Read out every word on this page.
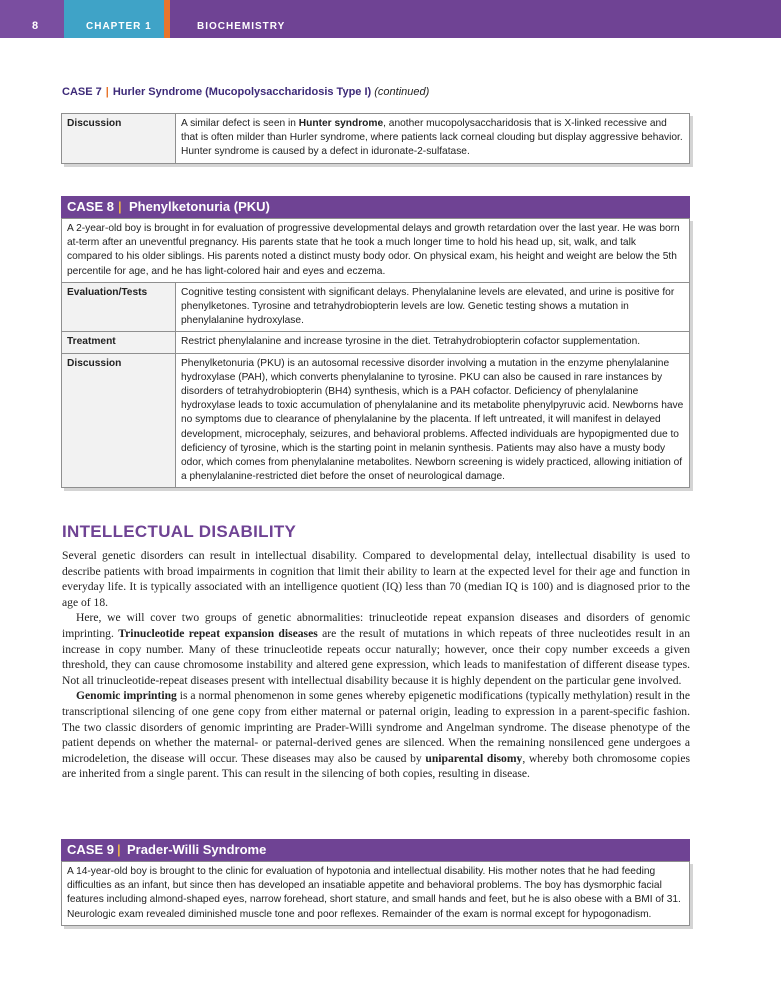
8	CHAPTER 1	BIOCHEMISTRY
CASE 7 | Hurler Syndrome (Mucopolysaccharidosis Type I) (continued)
Discussion	A similar defect is seen in Hunter syndrome, another mucopolysaccharidosis that is X-linked recessive and that is often milder than Hurler syndrome, where patients lack corneal clouding but display aggressive behavior. Hunter syndrome is caused by a defect in iduronate-2-sulfatase.
CASE 8 | Phenylketonuria (PKU)
A 2-year-old boy is brought in for evaluation of progressive developmental delays and growth retardation over the last year. He was born at-term after an uneventful pregnancy. His parents state that he took a much longer time to hold his head up, sit, walk, and talk compared to his older siblings. His parents noted a distinct musty body odor. On physical exam, his height and weight are below the 5th percentile for age, and he has light-colored hair and eyes and eczema.	
Evaluation/Tests	Cognitive testing consistent with significant delays. Phenylalanine levels are elevated, and urine is positive for phenylketones. Tyrosine and tetrahydrobiopterin levels are low. Genetic testing shows a mutation in phenylalanine hydroxylase.
Treatment	Restrict phenylalanine and increase tyrosine in the diet. Tetrahydrobiopterin cofactor supplementation.
Discussion	Phenylketonuria (PKU) is an autosomal recessive disorder involving a mutation in the enzyme phenylalanine hydroxylase (PAH), which converts phenylalanine to tyrosine. PKU can also be caused in rare instances by disorders of tetrahydrobiopterin (BH4) synthesis, which is a PAH cofactor. Deficiency of phenylalanine hydroxylase leads to toxic accumulation of phenylalanine and its metabolite phenylpyruvic acid. Newborns have no symptoms due to clearance of phenylalanine by the placenta. If left untreated, it will manifest in delayed development, microcephaly, seizures, and behavioral problems. Affected individuals are hypopigmented due to deficiency of tyrosine, which is the starting point in melanin synthesis. Patients may also have a musty body odor, which comes from phenylalanine metabolites. Newborn screening is widely practiced, allowing initiation of a phenylalanine-restricted diet before the onset of neurological damage.
INTELLECTUAL DISABILITY

Several genetic disorders can result in intellectual disability. Compared to developmental delay, intellectual disability is used to describe patients with broad impairments in cognition that limit their ability to learn at the expected level for their age and function in everyday life. It is typically associated with an intelligence quotient (IQ) less than 70 (median IQ is 100) and is diagnosed prior to the age of 18.

Here, we will cover two groups of genetic abnormalities: trinucleotide repeat expansion diseases and disorders of genomic imprinting. Trinucleotide repeat expansion diseases are the result of mutations in which repeats of three nucleotides result in an increase in copy number. Many of these trinucleotide repeats occur naturally; however, once their copy number exceeds a given threshold, they can cause chromosome instability and altered gene expression, which leads to manifestation of different disease types. Not all trinucleotide-repeat diseases present with intellectual disability because it is highly dependent on the particular gene involved.

Genomic imprinting is a normal phenomenon in some genes whereby epigenetic modifications (typically methylation) result in the transcriptional silencing of one gene copy from either maternal or paternal origin, leading to expression in a parent-specific fashion. The two classic disorders of genomic imprinting are Prader-Willi syndrome and Angelman syndrome. The disease phenotype of the patient depends on whether the maternal- or paternal-derived genes are silenced. When the remaining nonsilenced gene undergoes a microdeletion, the disease will occur. These diseases may also be caused by uniparental disomy, whereby both chromosome copies are inherited from a single parent. This can result in the silencing of both copies, resulting in disease.

CASE 9 | Prader-Willi Syndrome
A 14-year-old boy is brought to the clinic for evaluation of hypotonia and intellectual disability. His mother notes that he had feeding difficulties as an infant, but since then has developed an insatiable appetite and behavioral problems. The boy has dysmorphic facial features including almond-shaped eyes, narrow forehead, short stature, and small hands and feet, but he is also obese with a BMI of 31. Neurologic exam revealed diminished muscle tone and poor reflexes. Remainder of the exam is normal except for hypogonadism.
